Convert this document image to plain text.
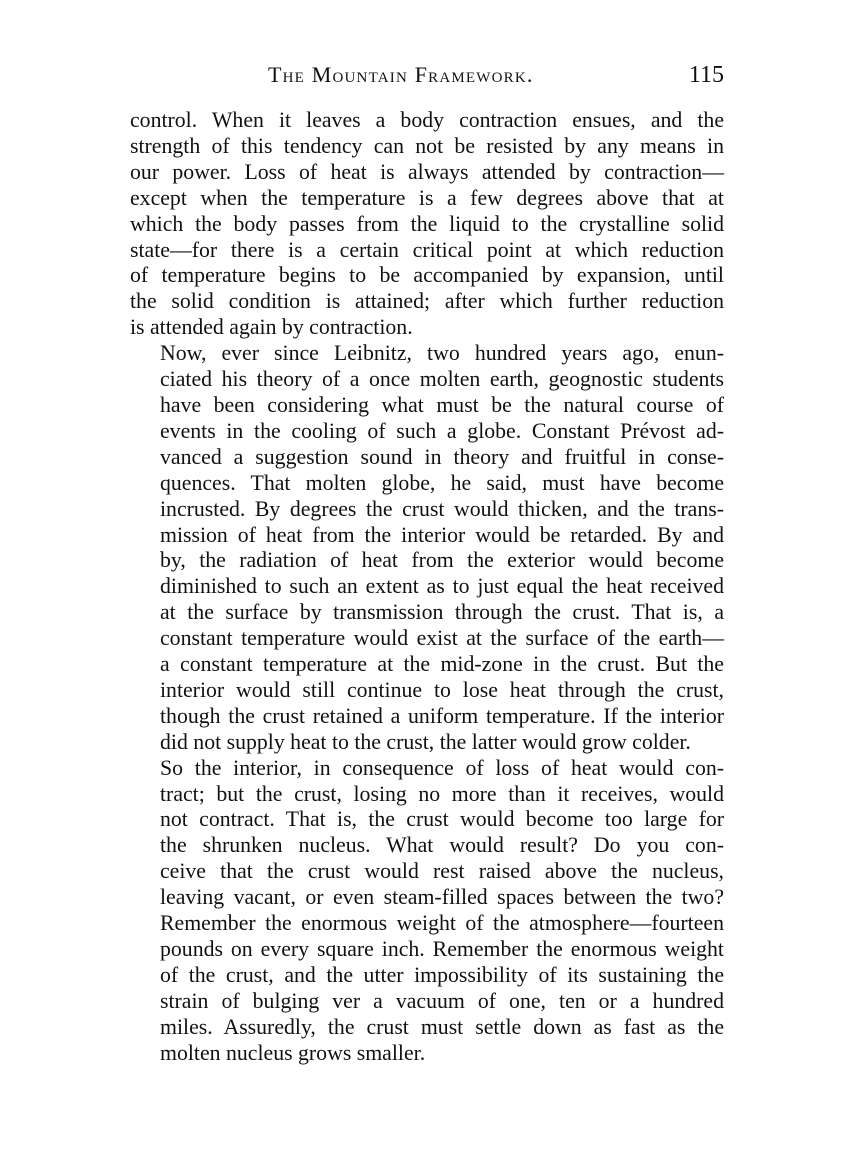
The Mountain Framework.	115

control. When it leaves a body contraction ensues, and the
strength of this tendency can not be resisted by any means in
our power. Loss of heat is always attended by contraction—
except when the temperature is a few degrees above that at
which the body passes from the liquid to the crystalline solid
state—for there is a certain critical point at which reduction
of temperature begins to be accompanied by expansion, until
the solid condition is attained; after which further reduction
is attended again by contraction.

Now, ever since Leibnitz, two hundred years ago, enun-
ciated his theory of a once molten earth, geognostic students
have been considering what must be the natural course of
events in the cooling of such a globe. Constant Prévost ad-
vanced a suggestion sound in theory and fruitful in conse-
quences. That molten globe, he said, must have become
incrusted. By degrees the crust would thicken, and the trans-
mission of heat from the interior would be retarded. By and
by, the radiation of heat from the exterior would become
diminished to such an extent as to just equal the heat received
at the surface by transmission through the crust. That is, a
constant temperature would exist at the surface of the earth—
a constant temperature at the mid-zone in the crust. But the
interior would still continue to lose heat through the crust,
though the crust retained a uniform temperature. If the interior
did not supply heat to the crust, the latter would grow colder.

So the interior, in consequence of loss of heat would con-
tract; but the crust, losing no more than it receives, would
not contract. That is, the crust would become too large for
the shrunken nucleus. What would result? Do you con-
ceive that the crust would rest raised above the nucleus,
leaving vacant, or even steam-filled spaces between the two?
Remember the enormous weight of the atmosphere—fourteen
pounds on every square inch. Remember the enormous weight
of the crust, and the utter impossibility of its sustaining the
strain of bulging ver a vacuum of one, ten or a hundred
miles. Assuredly, the crust must settle down as fast as the
molten nucleus grows smaller.
